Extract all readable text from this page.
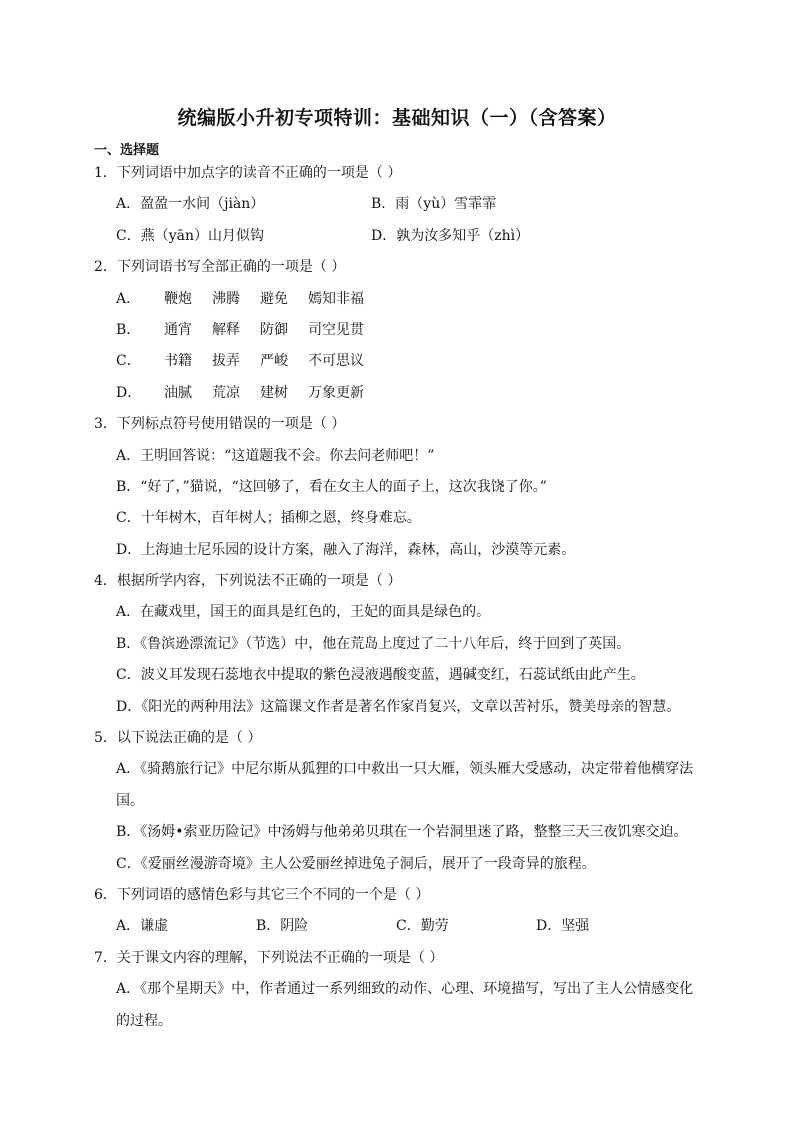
统编版小升初专项特训：基础知识（一）（含答案）
一、选择题
1．下列词语中加点字的读音不正确的一项是（ ）
A．盈盈一水间（jiàn）	B．雨（yù）雪霏霏
C．燕（yān）山月似钩	D．孰为汝多知乎（zhì）
2．下列词语书写全部正确的一项是（ ）
A．	鞭炮	沸腾	避免	嫣知非福
B．	通宵	解释	防御	司空见贯
C．	书籍	拔弄	严峻	不可思议
D．	油腻	荒凉	建树	万象更新
3．下列标点符号使用错误的一项是（ ）
A．王明回答说：“这道题我不会。你去问老师吧！”
B．“好了，”猫说，“这回够了，看在女主人的面子上，这次我饶了你。”
C．十年树木，百年树人；插柳之恩，终身难忘。
D．上海迪士尼乐园的设计方案，融入了海洋，森林，高山，沙漠等元素。
4．根据所学内容，下列说法不正确的一项是（ ）
A．在藏戏里，国王的面具是红色的，王妃的面具是绿色的。
B．《鲁滨逊漂流记》（节选）中，他在荒岛上度过了二十八年后，终于回到了英国。
C．波义耳发现石蕊地衣中提取的紫色浸液遇酸变蓝，遇碱变红，石蕊试纸由此产生。
D．《阳光的两种用法》这篇课文作者是著名作家肖复兴，文章以苦衬乐，赞美母亲的智慧。
5．以下说法正确的是（ ）
A．《骑鹅旅行记》中尼尔斯从狐狸的口中救出一只大雁，领头雁大受感动，决定带着他横穿法国。
B．《汤姆•索亚历险记》中汤姆与他弟弟贝琪在一个岩洞里迷了路，整整三天三夜饥寒交迫。
C．《爱丽丝漫游奇境》主人公爱丽丝掉进兔子洞后，展开了一段奇异的旅程。
6．下列词语的感情色彩与其它三个不同的一个是（ ）
A．谦虚	B．阴险	C．勤劳	D．坚强
7．关于课文内容的理解，下列说法不正确的一项是（ ）
A．《那个星期天》中，作者通过一系列细致的动作、心理、环境描写，写出了主人公情感变化的过程。
